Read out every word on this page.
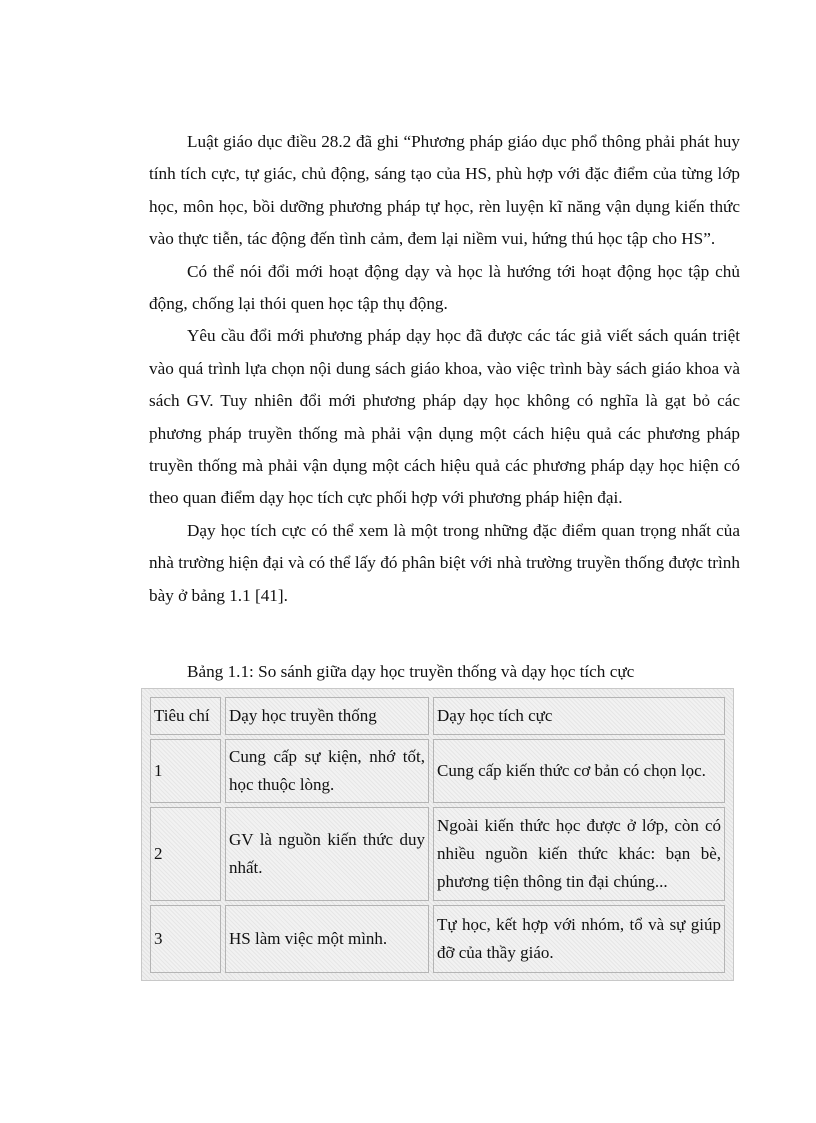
Luật giáo dục điều 28.2 đã ghi “Phương pháp giáo dục phổ thông phải phát huy tính tích cực, tự giác, chủ động, sáng tạo của HS, phù hợp với đặc điểm của từng lớp học, môn học, bồi dưỡng phương pháp tự học, rèn luyện kĩ năng vận dụng kiến thức vào thực tiễn, tác động đến tình cảm, đem lại niềm vui, hứng thú học tập cho HS”.

Có thể nói đổi mới hoạt động dạy và học là hướng tới hoạt động học tập chủ động, chống lại thói quen học tập thụ động.

Yêu cầu đổi mới phương pháp dạy học đã được các tác giả viết sách quán triệt vào quá trình lựa chọn nội dung sách giáo khoa, vào việc trình bày sách giáo khoa và sách GV. Tuy nhiên đổi mới phương pháp dạy học không có nghĩa là gạt bỏ các phương pháp truyền thống mà phải vận dụng một cách hiệu quả các phương pháp truyền thống mà phải vận dụng một cách hiệu quả các phương pháp dạy học hiện có theo quan điểm dạy học tích cực phối hợp với phương pháp hiện đại.

Dạy học tích cực có thể xem là một trong những đặc điểm quan trọng nhất của nhà trường hiện đại và có thể lấy đó phân biệt với nhà trường truyền thống được trình bày ở bảng 1.1 [41].

Bảng 1.1: So sánh giữa dạy học truyền thống và dạy học tích cực
Tiêu chí	Dạy học truyền thống	Dạy học tích cực
1	Cung cấp sự kiện, nhớ tốt, học thuộc lòng.	Cung cấp kiến thức cơ bản có chọn lọc.
2	GV là nguồn kiến thức duy nhất.	Ngoài kiến thức học được ở lớp, còn có nhiều nguồn kiến thức khác: bạn bè, phương tiện thông tin đại chúng...
3	HS làm việc một mình.	Tự học, kết hợp với nhóm, tổ và sự giúp đỡ của thầy giáo.
